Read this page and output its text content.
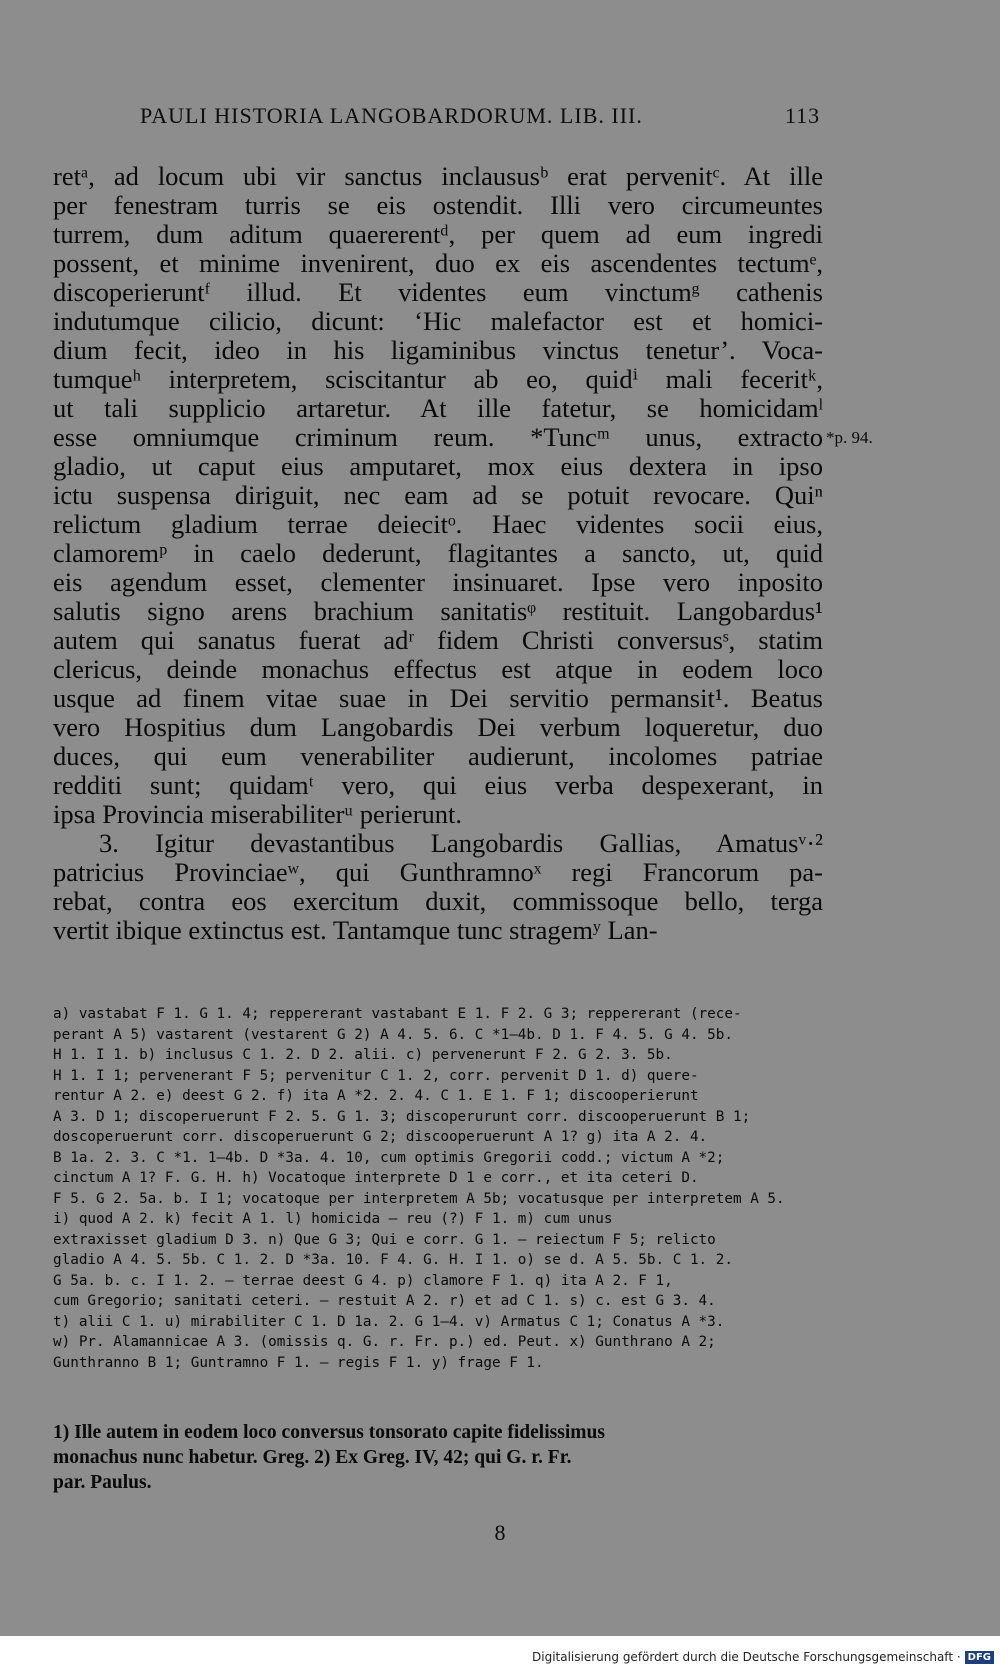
PAULI HISTORIA LANGOBARDORUM. LIB. III.	113
retᵃ, ad locum ubi vir sanctus inclaususᵇ erat pervenitᶜ. At ille
per fenestram turris se eis ostendit. Illi vero circumeuntes
turrem, dum aditum quaererentᵈ, per quem ad eum ingredi
possent, et minime invenirent, duo ex eis ascendentes tectumᵉ,
discoperieruntᶠ illud. Et videntes eum vinctumᵍ cathenis
indutumque cilicio, dicunt: ‘Hic malefactor est et homici-
dium fecit, ideo in his ligaminibus vinctus tenetur’. Voca-
tumqueʰ interpretem, sciscitantur ab eo, quidⁱ mali feceritᵏ,
ut tali supplicio artaretur. At ille fatetur, se homicidamˡ
esse omniumque criminum reum. *Tuncᵐ unus, extracto
gladio, ut caput eius amputaret, mox eius dextera in ipso
ictu suspensa diriguit, nec eam ad se potuit revocare. Quiⁿ
relictum gladium terrae deiecitᵒ. Haec videntes socii eius,
clamoremᵖ in caelo dederunt, flagitantes a sancto, ut, quid
eis agendum esset, clementer insinuaret. Ipse vero inposito
salutis signo arens brachium sanitatisᵠ restituit. Langobardus¹
autem qui sanatus fuerat adʳ fidem Christi conversusˢ, statim
clericus, deinde monachus effectus est atque in eodem loco
usque ad finem vitae suae in Dei servitio permansit¹. Beatus
vero Hospitius dum Langobardis Dei verbum loqueretur, duo
duces, qui eum venerabiliter audierunt, incolomes patriae
redditi sunt; quidamᵗ vero, qui eius verba despexerant, in
ipsa Provincia miserabiliterᵘ perierunt.
3. Igitur devastantibus Langobardis Gallias, Amatusᵛ·²
patricius Provinciaeʷ, qui Gunthramnoˣ regi Francorum pa-
rebat, contra eos exercitum duxit, commissoque bello, terga
vertit ibique extinctus est. Tantamque tunc stragemʸ Lan-
*p. 94.
a) vastabat F 1. G 1. 4; reppererant vastabant E 1. F 2. G 3; reppererant (rece-
perant A 5) vastarent (vestarent G 2) A 4. 5. 6. C *1—4b. D 1. F 4. 5. G 4. 5b.
H 1. I 1. b) inclusus C 1. 2. D 2. alii. c) pervenerunt F 2. G 2. 3. 5b.
H 1. I 1; pervenerant F 5; pervenitur C 1. 2, corr. pervenit D 1. d) quere-
rentur A 2. e) deest G 2. f) ita A *2. 2. 4. C 1. E 1. F 1; discooperierunt
A 3. D 1; discoperuerunt F 2. 5. G 1. 3; discoperurunt corr. discooperuerunt B 1;
doscoperuerunt corr. discoperuerunt G 2; discooperuerunt A 1? g) ita A 2. 4.
B 1a. 2. 3. C *1. 1—4b. D *3a. 4. 10, cum optimis Gregorii codd.; victum A *2;
cinctum A 1? F. G. H. h) Vocatoque interprete D 1 e corr., et ita ceteri D.
F 5. G 2. 5a. b. I 1; vocatoque per interpretem A 5b; vocatusque per interpretem A 5.
i) quod A 2. k) fecit A 1. l) homicida — reu (?) F 1. m) cum unus
extraxisset gladium D 3. n) Que G 3; Qui e corr. G 1. — reiectum F 5; relicto
gladio A 4. 5. 5b. C 1. 2. D *3a. 10. F 4. G. H. I 1. o) se d. A 5. 5b. C 1. 2.
G 5a. b. c. I 1. 2. — terrae deest G 4. p) clamore F 1. q) ita A 2. F 1,
cum Gregorio; sanitati ceteri. — restuit A 2. r) et ad C 1. s) c. est G 3. 4.
t) alii C 1. u) mirabiliter C 1. D 1a. 2. G 1—4. v) Armatus C 1; Conatus A *3.
w) Pr. Alamannicae A 3. (omissis q. G. r. Fr. p.) ed. Peut. x) Gunthrano A 2;
Gunthranno B 1; Guntramno F 1. — regis F 1. y) frage F 1.
1) Ille autem in eodem loco conversus tonsorato capite fidelissimus
monachus nunc habetur. Greg. 2) Ex Greg. IV, 42; qui G. r. Fr.
par. Paulus.
8
Digitalisierung gefördert durch die Deutsche Forschungsgemeinschaft · DFG
